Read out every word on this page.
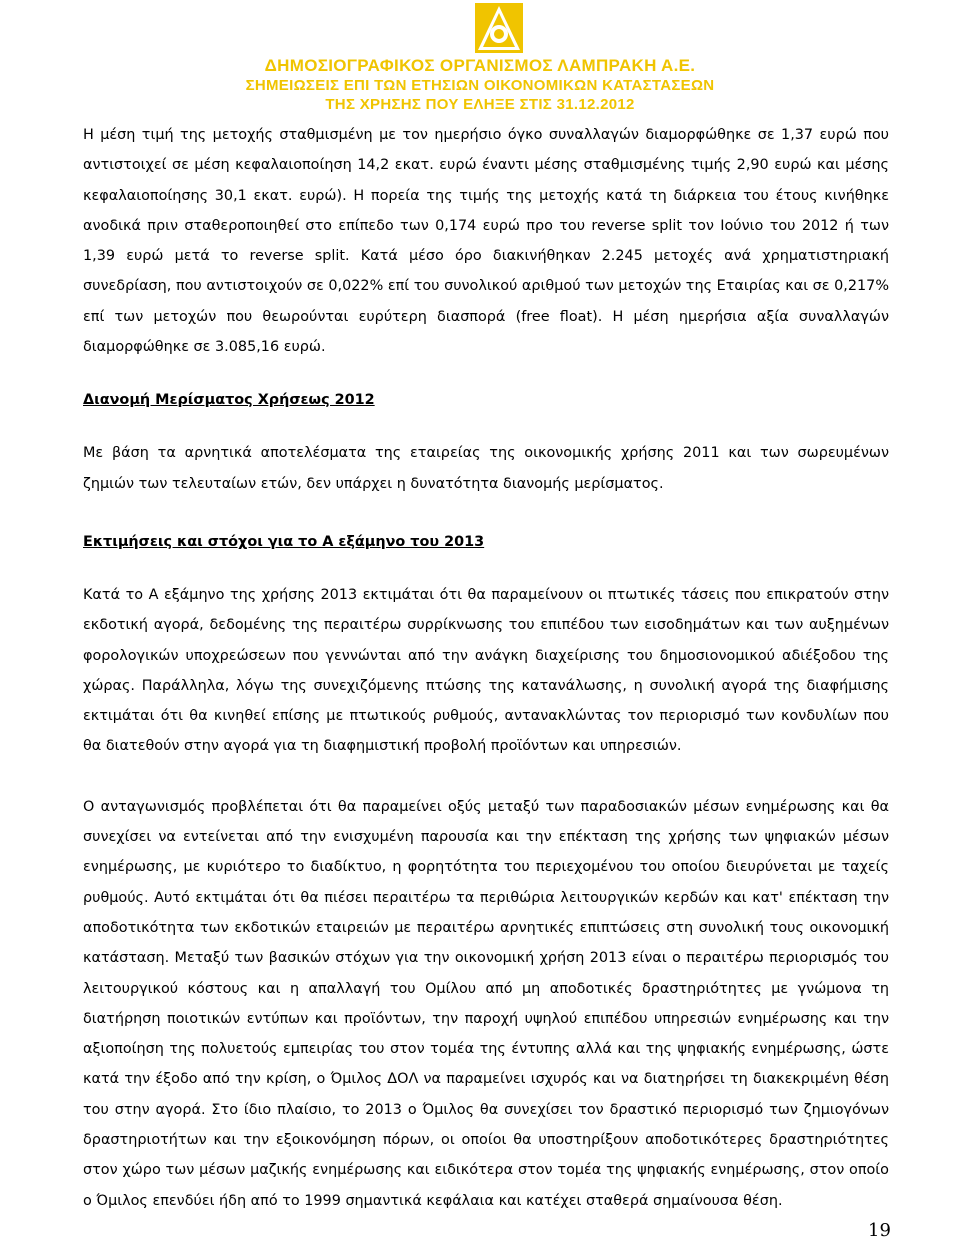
ΔΗΜΟΣΙΟΓΡΑΦΙΚΟΣ ΟΡΓΑΝΙΣΜΟΣ ΛΑΜΠΡΑΚΗ Α.Ε.
ΣΗΜΕΙΩΣΕΙΣ ΕΠΙ ΤΩΝ ΕΤΗΣΙΩΝ ΟΙΚΟΝΟΜΙΚΩΝ ΚΑΤΑΣΤΑΣΕΩΝ
ΤΗΣ ΧΡΗΣΗΣ ΠΟΥ ΕΛΗΞΕ ΣΤΙΣ 31.12.2012

Η μέση τιμή της μετοχής σταθμισμένη με τον ημερήσιο όγκο συναλλαγών διαμορφώθηκε σε 1,37 ευρώ που αντιστοιχεί σε μέση κεφαλαιοποίηση 14,2 εκατ. ευρώ έναντι μέσης σταθμισμένης τιμής 2,90 ευρώ και μέσης κεφαλαιοποίησης 30,1 εκατ. ευρώ). Η πορεία της τιμής της μετοχής κατά τη διάρκεια του έτους κινήθηκε ανοδικά πριν σταθεροποιηθεί στο επίπεδο των 0,174 ευρώ προ του reverse split τον Ιούνιο του 2012 ή των 1,39 ευρώ μετά το reverse split. Κατά μέσο όρο διακινήθηκαν 2.245 μετοχές ανά χρηματιστηριακή συνεδρίαση, που αντιστοιχούν σε 0,022% επί του συνολικού αριθμού των μετοχών της Εταιρίας και σε 0,217% επί των μετοχών που θεωρούνται ευρύτερη διασπορά (free float). Η μέση ημερήσια αξία συναλλαγών διαμορφώθηκε σε 3.085,16 ευρώ.

Διανομή Μερίσματος Χρήσεως 2012

Με βάση τα αρνητικά αποτελέσματα της εταιρείας της οικονομικής χρήσης 2011 και των σωρευμένων ζημιών των τελευταίων ετών, δεν υπάρχει η δυνατότητα διανομής μερίσματος.

Εκτιμήσεις και στόχοι για το Α εξάμηνο του 2013

Κατά το Α εξάμηνο της χρήσης 2013 εκτιμάται ότι θα παραμείνουν οι πτωτικές τάσεις που επικρατούν στην εκδοτική αγορά, δεδομένης της περαιτέρω συρρίκνωσης του επιπέδου των εισοδημάτων και των αυξημένων φορολογικών υποχρεώσεων που γεννώνται από την ανάγκη διαχείρισης του δημοσιονομικού αδιέξοδου της χώρας. Παράλληλα, λόγω της συνεχιζόμενης πτώσης της κατανάλωσης, η συνολική αγορά της διαφήμισης εκτιμάται ότι θα κινηθεί επίσης με πτωτικούς ρυθμούς, αντανακλώντας τον περιορισμό των κονδυλίων που θα διατεθούν στην αγορά για τη διαφημιστική προβολή προϊόντων και υπηρεσιών.

Ο ανταγωνισμός προβλέπεται ότι θα παραμείνει οξύς μεταξύ των παραδοσιακών μέσων ενημέρωσης και θα συνεχίσει να εντείνεται από την ενισχυμένη παρουσία και την επέκταση της χρήσης των ψηφιακών μέσων ενημέρωσης, με κυριότερο το διαδίκτυο, η φορητότητα του περιεχομένου του οποίου διευρύνεται με ταχείς ρυθμούς. Αυτό εκτιμάται ότι θα πιέσει περαιτέρω τα περιθώρια λειτουργικών κερδών και κατ' επέκταση την αποδοτικότητα των εκδοτικών εταιρειών με περαιτέρω αρνητικές επιπτώσεις στη συνολική τους οικονομική κατάσταση. Μεταξύ των βασικών στόχων για την οικονομική χρήση 2013 είναι ο περαιτέρω περιορισμός του λειτουργικού κόστους και η απαλλαγή του Ομίλου από μη αποδοτικές δραστηριότητες με γνώμονα τη διατήρηση ποιοτικών εντύπων και προϊόντων, την παροχή υψηλού επιπέδου υπηρεσιών ενημέρωσης και την αξιοποίηση της πολυετούς εμπειρίας του στον τομέα της έντυπης αλλά και της ψηφιακής ενημέρωσης, ώστε κατά την έξοδο από την κρίση, ο Όμιλος ΔΟΛ να παραμείνει ισχυρός και να διατηρήσει τη διακεκριμένη θέση του στην αγορά. Στο ίδιο πλαίσιο, το 2013 ο Όμιλος θα συνεχίσει τον δραστικό περιορισμό των ζημιογόνων δραστηριοτήτων και την εξοικονόμηση πόρων, οι οποίοι θα υποστηρίξουν αποδοτικότερες δραστηριότητες στον χώρο των μέσων μαζικής ενημέρωσης και ειδικότερα στον τομέα της ψηφιακής ενημέρωσης, στον οποίο ο Όμιλος επενδύει ήδη από το 1999 σημαντικά κεφάλαια και κατέχει σταθερά σημαίνουσα θέση.

19
